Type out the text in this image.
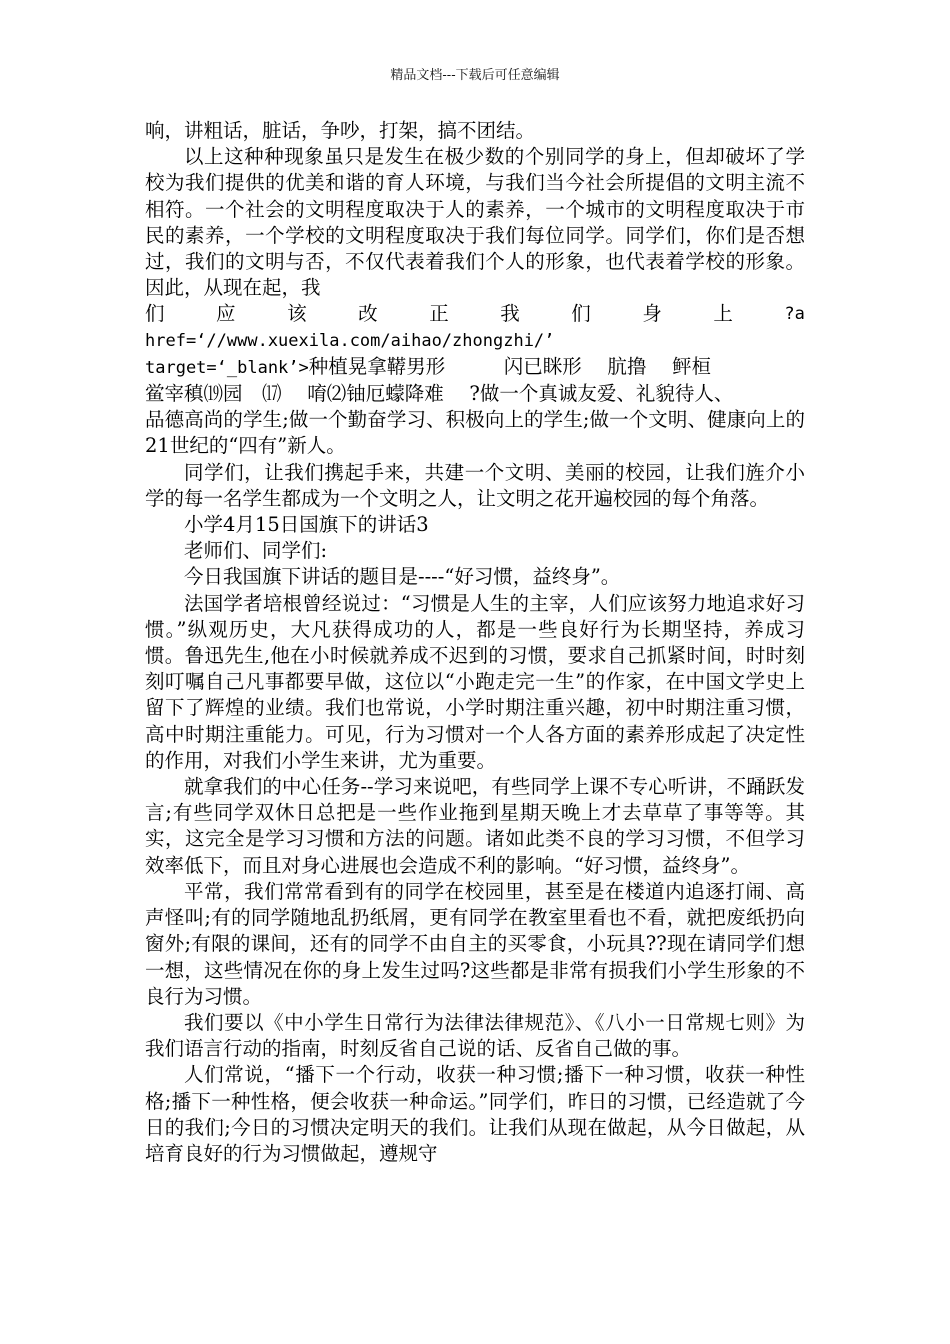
精品文档---下载后可任意编辑

响，讲粗话，脏话，争吵，打架，搞不团结。

以上这种种现象虽只是发生在极少数的个别同学的身上，但却破坏了学校为我们提供的优美和谐的育人环境，与我们当今社会所提倡的文明主流不相符。一个社会的文明程度取决于人的素养，一个城市的文明程度取决于市民的素养，一个学校的文明程度取决于我们每位同学。同学们，你们是否想过，我们的文明与否，不仅代表着我们个人的形象，也代表着学校的形象。因此，从现在起，我

们	应	该	改	正	我	们	身	上	?a

href=‘//www.xuexila.com/aihao/zhongzhi/’

target=‘_blank’>种植晃拿鞯男形　　　闪已眯形　 肮撸　 鲆桓

鲎宰稹⒆园　⒄　 唷⑵铀厄蠓降难　 ?做一个真诚友爱、礼貌待人、

品德高尚的学生;做一个勤奋学习、积极向上的学生;做一个文明、健康向上的21世纪的“四有”新人。

同学们，让我们携起手来，共建一个文明、美丽的校园，让我们旌介小学的每一名学生都成为一个文明之人，让文明之花开遍校园的每个角落。

小学4月15日国旗下的讲话3

老师们、同学们:

今日我国旗下讲话的题目是----“好习惯，益终身”。

法国学者培根曾经说过：“习惯是人生的主宰，人们应该努力地追求好习惯。”纵观历史，大凡获得成功的人，都是一些良好行为长期坚持，养成习惯。鲁迅先生,他在小时候就养成不迟到的习惯，要求自己抓紧时间，时时刻刻叮嘱自己凡事都要早做，这位以“小跑走完一生”的作家，在中国文学史上留下了辉煌的业绩。我们也常说，小学时期注重兴趣，初中时期注重习惯，高中时期注重能力。可见，行为习惯对一个人各方面的素养形成起了决定性的作用，对我们小学生来讲，尤为重要。

就拿我们的中心任务--学习来说吧，有些同学上课不专心听讲，不踊跃发言;有些同学双休日总把是一些作业拖到星期天晚上才去草草了事等等。其实，这完全是学习习惯和方法的问题。诸如此类不良的学习习惯，不但学习效率低下，而且对身心进展也会造成不利的影响。“好习惯，益终身”。

平常，我们常常看到有的同学在校园里，甚至是在楼道内追逐打闹、高声怪叫;有的同学随地乱扔纸屑，更有同学在教室里看也不看，就把废纸扔向窗外;有限的课间，还有的同学不由自主的买零食，小玩具??现在请同学们想一想，这些情况在你的身上发生过吗?这些都是非常有损我们小学生形象的不良行为习惯。

我们要以《中小学生日常行为法律法律规范》、《八小一日常规七则》为我们语言行动的指南，时刻反省自己说的话、反省自己做的事。

人们常说，“播下一个行动，收获一种习惯;播下一种习惯，收获一种性格;播下一种性格，便会收获一种命运。”同学们，昨日的习惯，已经造就了今日的我们;今日的习惯决定明天的我们。让我们从现在做起，从今日做起，从培育良好的行为习惯做起，遵规守
